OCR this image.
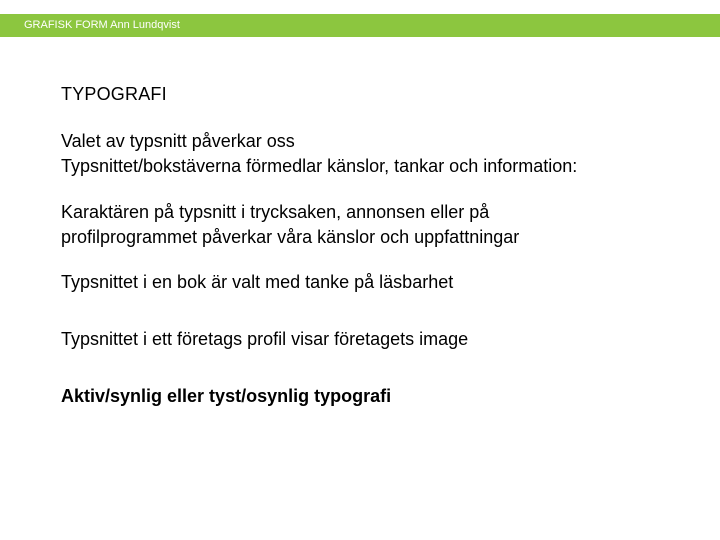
GRAFISK FORM Ann Lundqvist
TYPOGRAFI

Valet av typsnitt påverkar oss
Typsnittet/bokstäverna förmedlar känslor, tankar och information:

Karaktären på typsnitt i trycksaken, annonsen eller på
profilprogrammet påverkar våra känslor och uppfattningar

Typsnittet i en bok är valt med tanke på läsbarhet

Typsnittet i ett företags profil visar företagets image

Aktiv/synlig eller tyst/osynlig typografi
